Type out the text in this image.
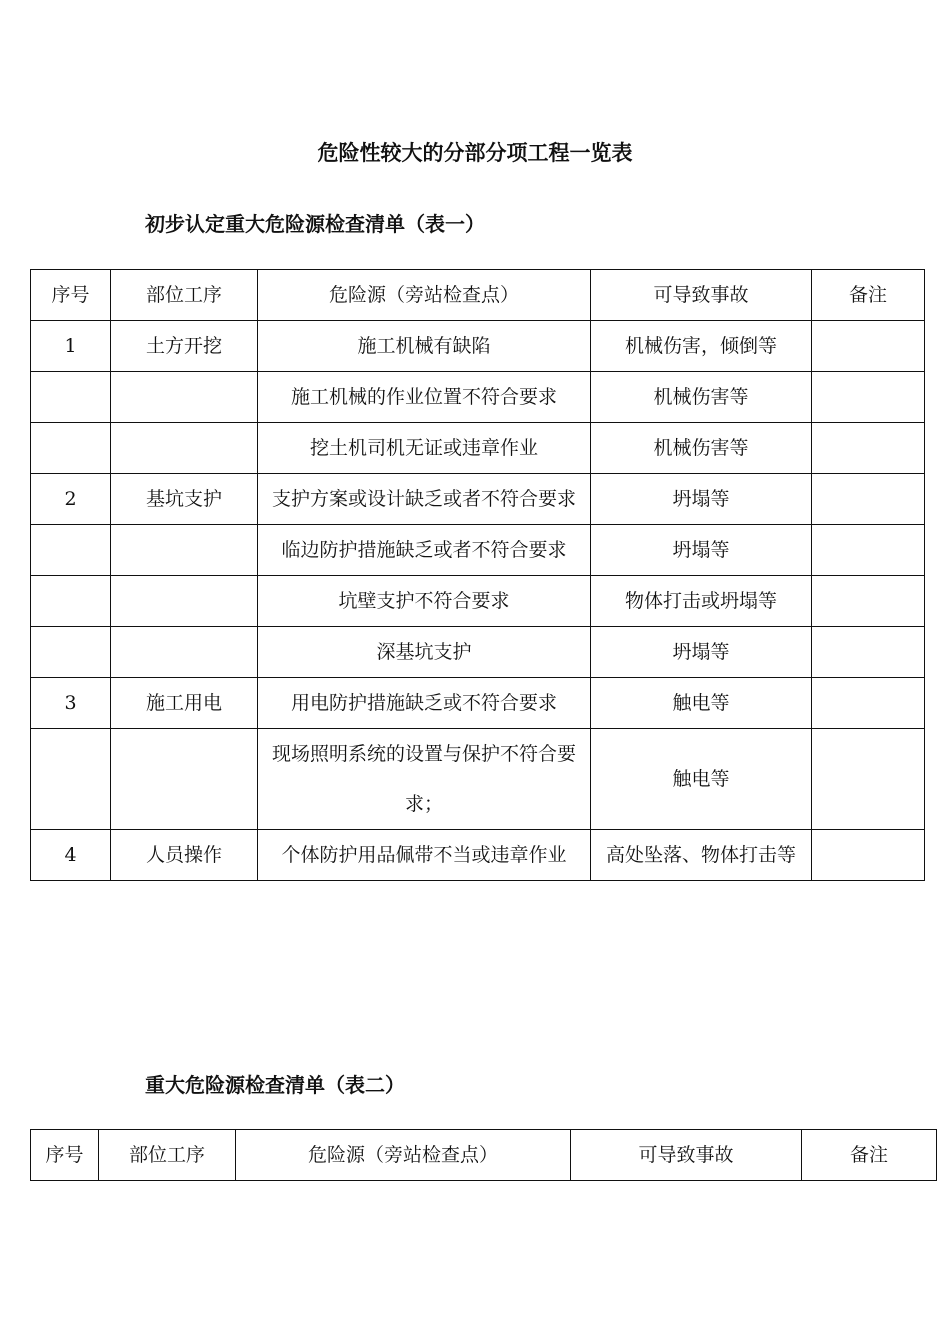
危险性较大的分部分项工程一览表
初步认定重大危险源检查清单（表一）
序号	部位工序	危险源（旁站检查点）	可导致事故	备注
1	土方开挖	施工机械有缺陷	机械伤害，倾倒等	
		施工机械的作业位置不符合要求	机械伤害等	
		挖土机司机无证或违章作业	机械伤害等	
2	基坑支护	支护方案或设计缺乏或者不符合要求	坍塌等	
		临边防护措施缺乏或者不符合要求	坍塌等	
		坑壁支护不符合要求	物体打击或坍塌等	
		深基坑支护	坍塌等	
3	施工用电	用电防护措施缺乏或不符合要求	触电等	
		现场照明系统的设置与保护不符合要求；	触电等	
4	人员操作	个体防护用品佩带不当或违章作业	高处坠落、物体打击等	
重大危险源检查清单（表二）
序号	部位工序	危险源（旁站检查点）	可导致事故	备注
